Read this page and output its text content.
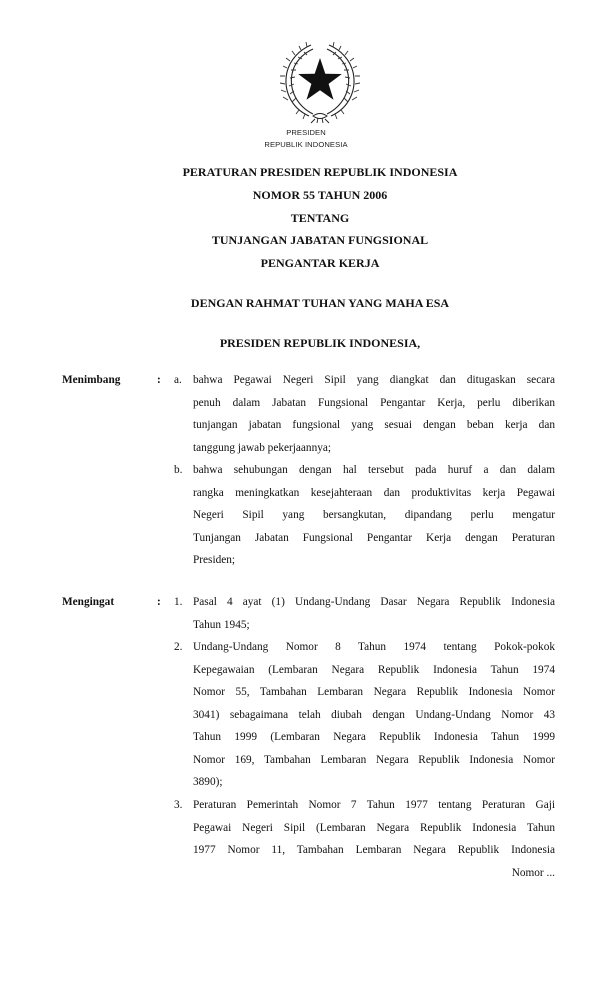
PRESIDEN
REPUBLIK INDONESIA
PERATURAN PRESIDEN REPUBLIK INDONESIA
NOMOR 55 TAHUN 2006
TENTANG
TUNJANGAN JABATAN FUNGSIONAL
PENGANTAR KERJA
DENGAN RAHMAT TUHAN YANG MAHA ESA
PRESIDEN REPUBLIK INDONESIA,
Menimbang	: a. bahwa Pegawai Negeri Sipil yang diangkat dan ditugaskan secara
penuh dalam Jabatan Fungsional Pengantar Kerja, perlu diberikan
tunjangan jabatan fungsional yang sesuai dengan beban kerja dan
tanggung jawab pekerjaannya;
b. bahwa sehubungan dengan hal tersebut pada huruf a dan dalam
rangka meningkatkan kesejahteraan dan produktivitas kerja Pegawai
Negeri Sipil yang bersangkutan, dipandang perlu mengatur
Tunjangan Jabatan Fungsional Pengantar Kerja dengan Peraturan
Presiden;
Mengingat	: 1. Pasal 4 ayat (1) Undang-Undang Dasar Negara Republik Indonesia
Tahun 1945;
2. Undang-Undang Nomor 8 Tahun 1974 tentang Pokok-pokok
Kepegawaian (Lembaran Negara Republik Indonesia Tahun 1974
Nomor 55, Tambahan Lembaran Negara Republik Indonesia Nomor
3041) sebagaimana telah diubah dengan Undang-Undang Nomor 43
Tahun 1999 (Lembaran Negara Republik Indonesia Tahun 1999
Nomor 169, Tambahan Lembaran Negara Republik Indonesia Nomor
3890);
3. Peraturan Pemerintah Nomor 7 Tahun 1977 tentang Peraturan Gaji
Pegawai Negeri Sipil (Lembaran Negara Republik Indonesia Tahun
1977 Nomor 11, Tambahan Lembaran Negara Republik Indonesia
Nomor ...
